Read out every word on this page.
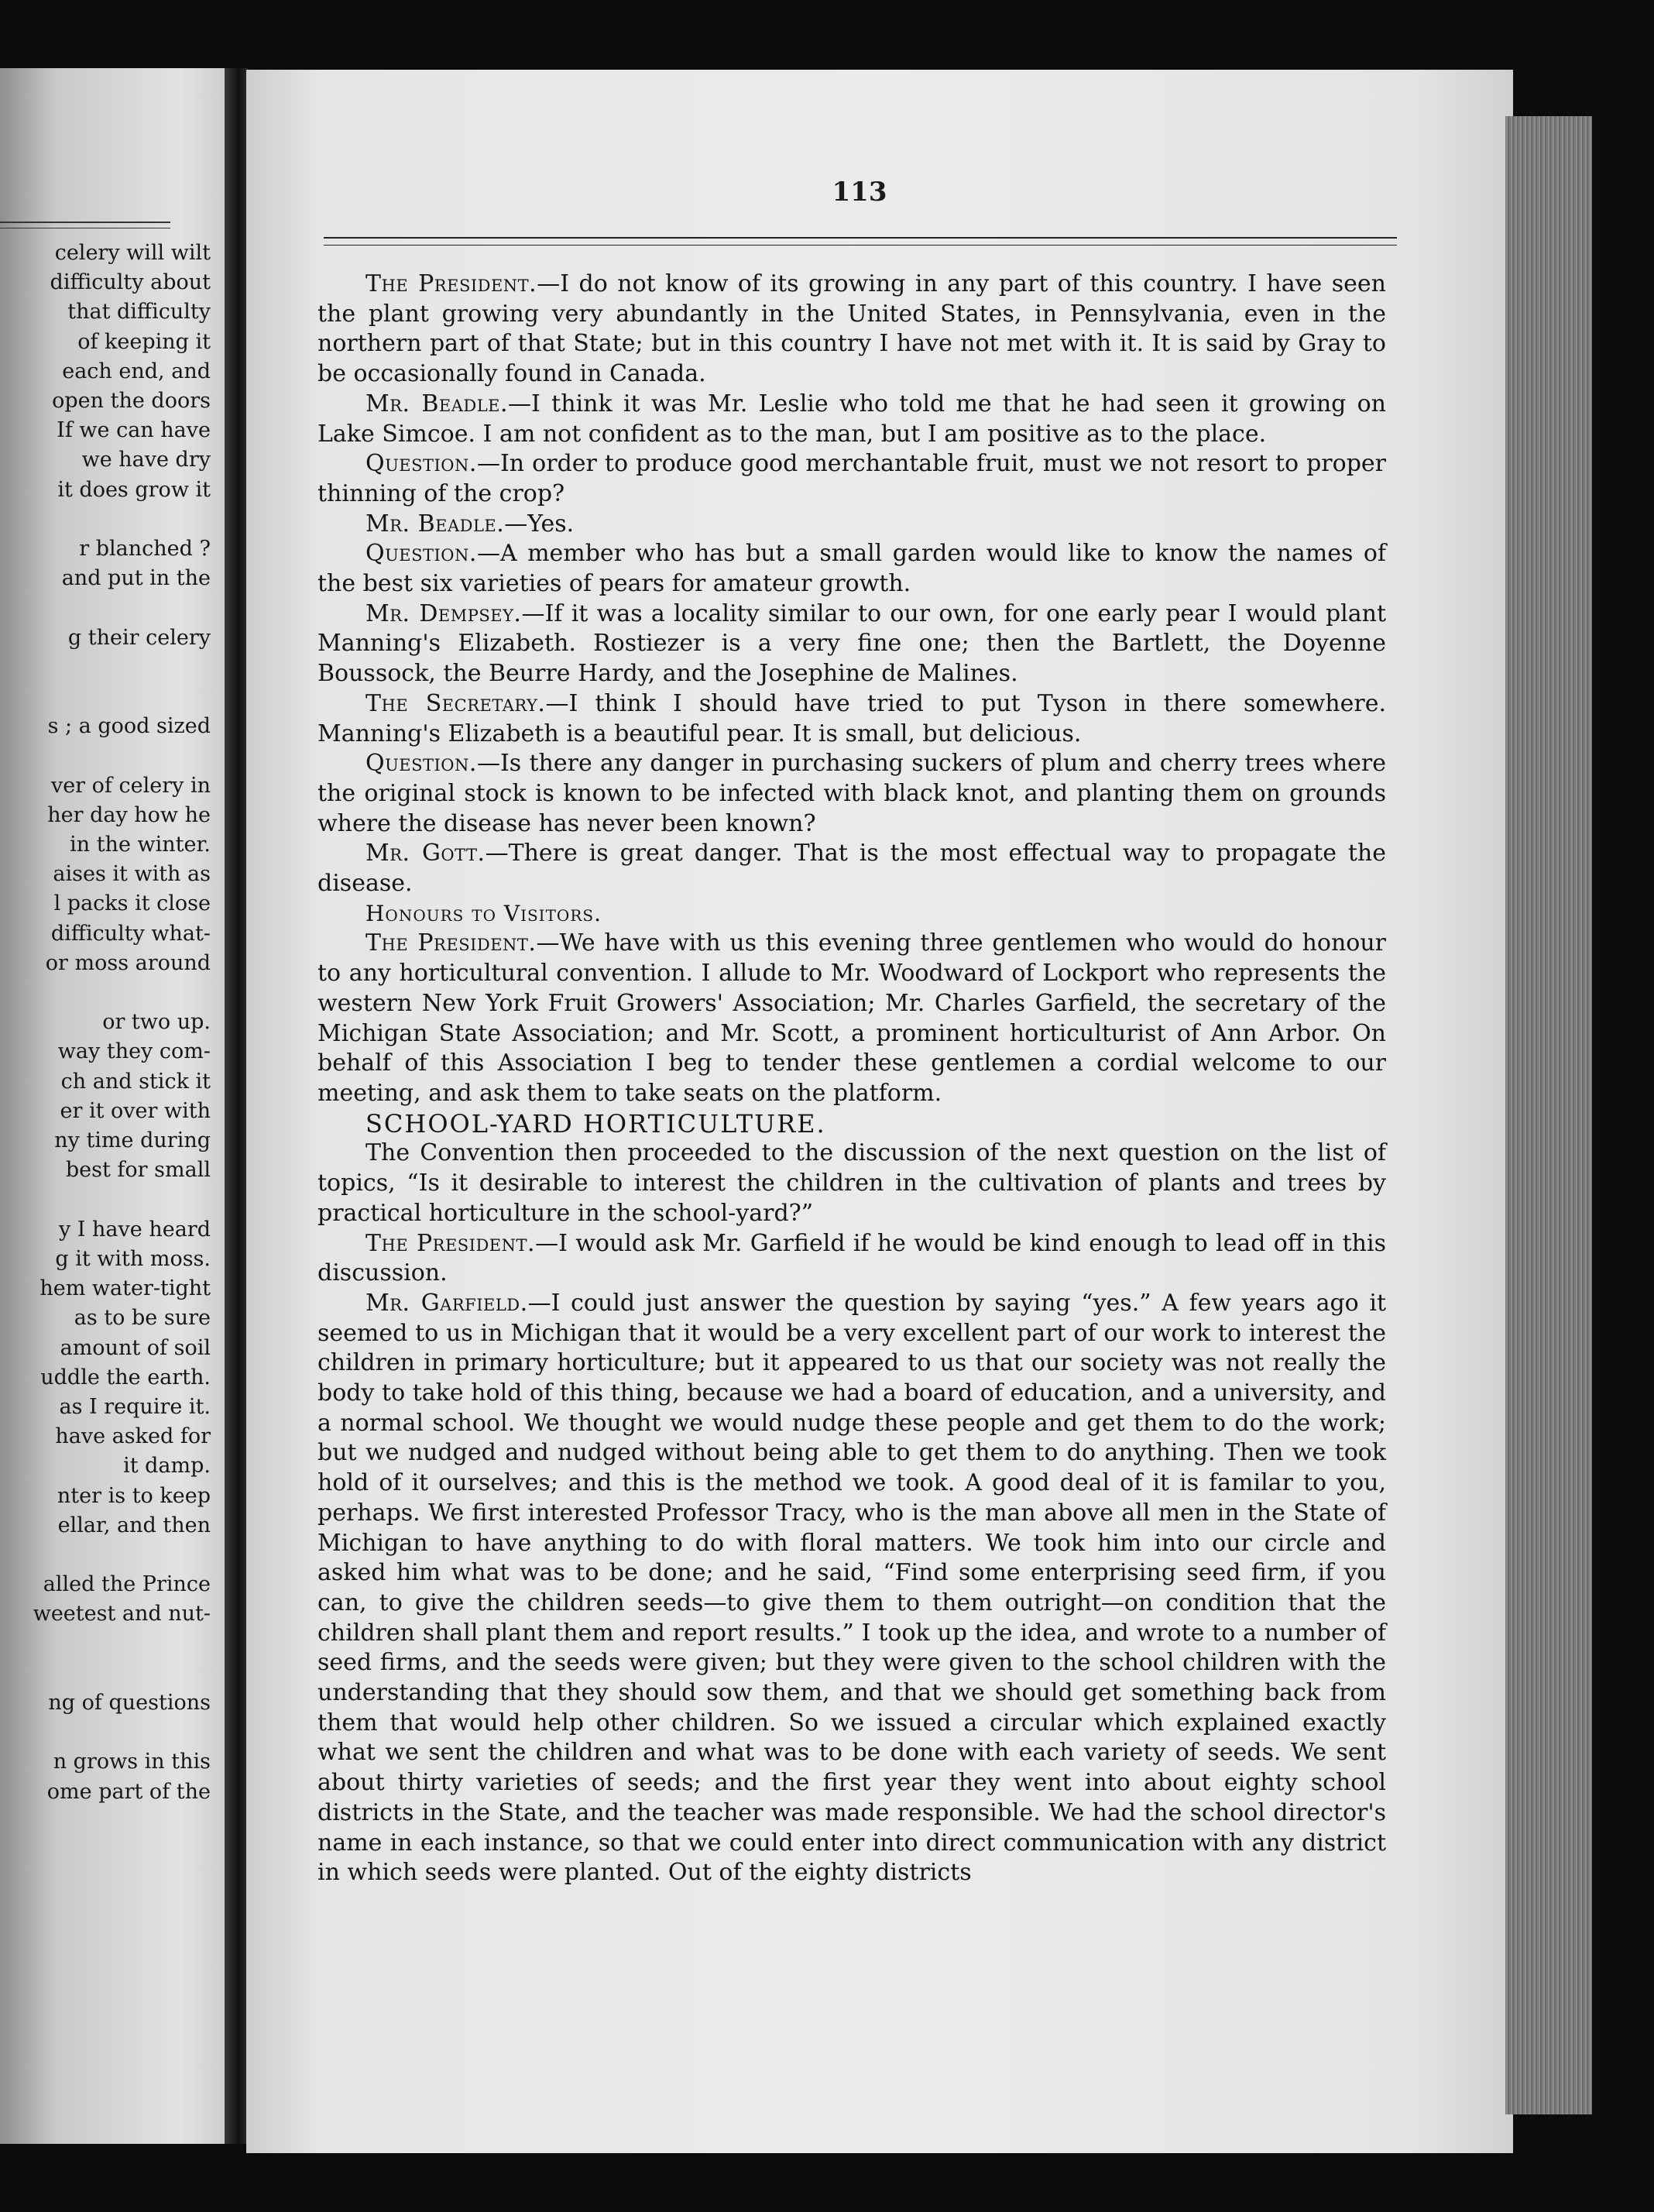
celery will wilt
difficulty about
that difficulty
of keeping it
each end, and
open the doors
If we can have
we have dry
it does grow it

r blanched ?
and put in the

g their celery

s ; a good sized

ver of celery in
her day how he
in the winter.
aises it with as
l packs it close
difficulty what-
or moss around

or two up.
way they com-
ch and stick it
er it over with
ny time during
best for small

y I have heard
g it with moss.
hem water-tight
as to be sure
amount of soil
uddle the earth.
as I require it.
have asked for
it damp.
nter is to keep
ellar, and then

alled the Prince
weetest and nut-

ng of questions

n grows in this
ome part of the
113

The President.—I do not know of its growing in any part of this country. I have seen the plant growing very abundantly in the United States, in Pennsylvania, even in the northern part of that State; but in this country I have not met with it. It is said by Gray to be occasionally found in Canada.

Mr. Beadle.—I think it was Mr. Leslie who told me that he had seen it growing on Lake Simcoe. I am not confident as to the man, but I am positive as to the place.

Question.—In order to produce good merchantable fruit, must we not resort to proper thinning of the crop?

Mr. Beadle.—Yes.

Question.—A member who has but a small garden would like to know the names of the best six varieties of pears for amateur growth.

Mr. Dempsey.—If it was a locality similar to our own, for one early pear I would plant Manning's Elizabeth. Rostiezer is a very fine one; then the Bartlett, the Doyenne Boussock, the Beurre Hardy, and the Josephine de Malines.

The Secretary.—I think I should have tried to put Tyson in there somewhere. Manning's Elizabeth is a beautiful pear. It is small, but delicious.

Question.—Is there any danger in purchasing suckers of plum and cherry trees where the original stock is known to be infected with black knot, and planting them on grounds where the disease has never been known?

Mr. Gott.—There is great danger. That is the most effectual way to propagate the disease.

Honours to Visitors.

The President.—We have with us this evening three gentlemen who would do honour to any horticultural convention. I allude to Mr. Woodward of Lockport who represents the western New York Fruit Growers' Association; Mr. Charles Garfield, the secretary of the Michigan State Association; and Mr. Scott, a prominent horticulturist of Ann Arbor. On behalf of this Association I beg to tender these gentlemen a cordial welcome to our meeting, and ask them to take seats on the platform.

SCHOOL-YARD HORTICULTURE.

The Convention then proceeded to the discussion of the next question on the list of topics, “Is it desirable to interest the children in the cultivation of plants and trees by practical horticulture in the school-yard?”

The President.—I would ask Mr. Garfield if he would be kind enough to lead off in this discussion.

Mr. Garfield.—I could just answer the question by saying “yes.” A few years ago it seemed to us in Michigan that it would be a very excellent part of our work to interest the children in primary horticulture; but it appeared to us that our society was not really the body to take hold of this thing, because we had a board of education, and a university, and a normal school. We thought we would nudge these people and get them to do the work; but we nudged and nudged without being able to get them to do anything. Then we took hold of it ourselves; and this is the method we took. A good deal of it is familar to you, perhaps. We first interested Professor Tracy, who is the man above all men in the State of Michigan to have anything to do with floral matters. We took him into our circle and asked him what was to be done; and he said, “Find some enterprising seed firm, if you can, to give the children seeds—to give them to them outright—on condition that the children shall plant them and report results.” I took up the idea, and wrote to a number of seed firms, and the seeds were given; but they were given to the school children with the understanding that they should sow them, and that we should get something back from them that would help other children. So we issued a circular which explained exactly what we sent the children and what was to be done with each variety of seeds. We sent about thirty varieties of seeds; and the first year they went into about eighty school districts in the State, and the teacher was made responsible. We had the school director's name in each instance, so that we could enter into direct communication with any district in which seeds were planted. Out of the eighty districts
